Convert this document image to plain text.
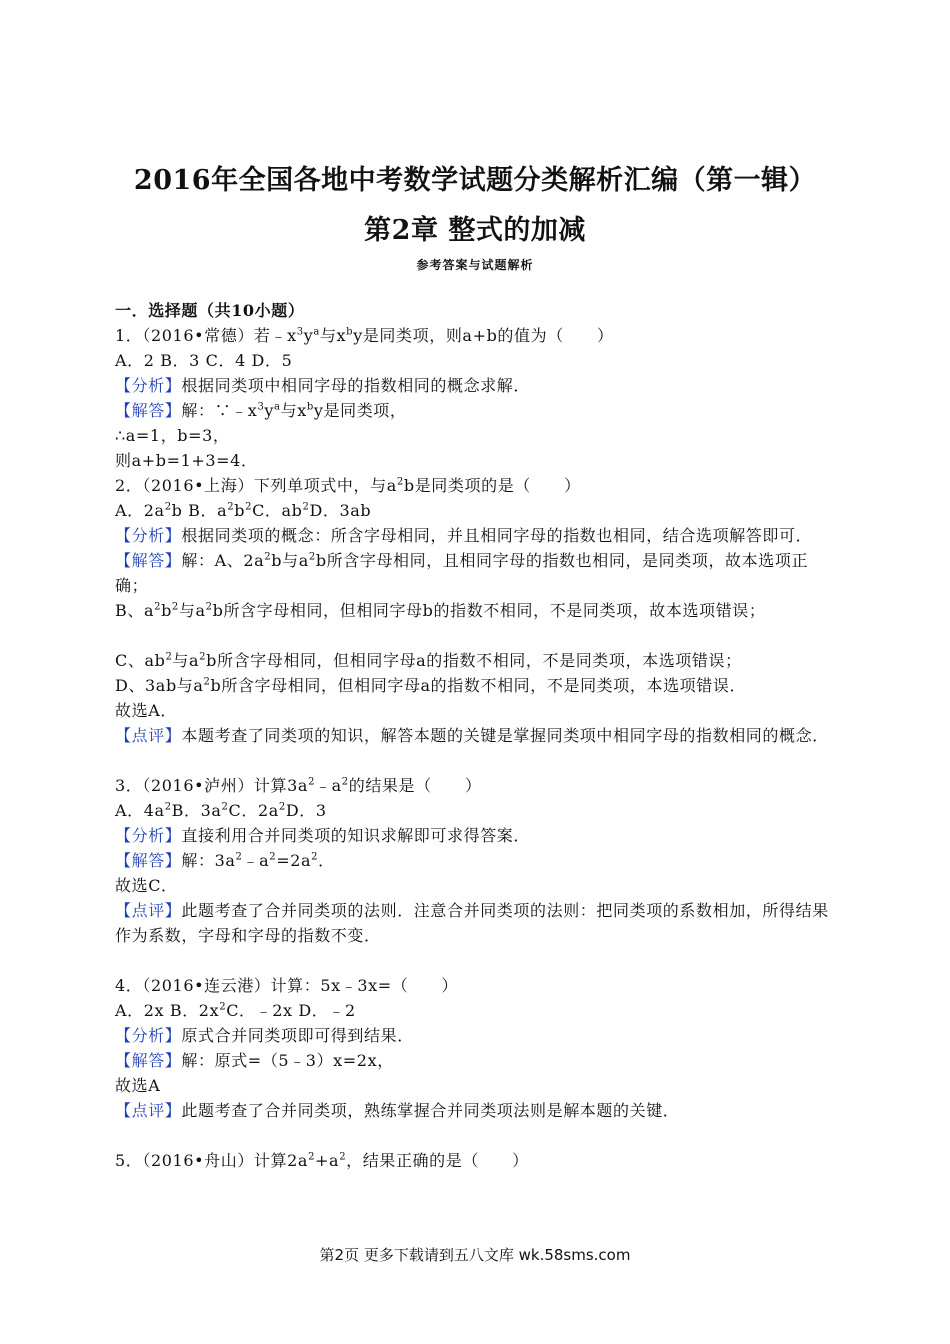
2016年全国各地中考数学试题分类解析汇编（第一辑）
第2章 整式的加减
参考答案与试题解析
一．选择题（共10小题）
1．（2016•常德）若$﹣x^3y^a$与$x^by$是同类项，则a+b的值为（　　）
A．2 B．3 C．4 D．5
【分析】根据同类项中相同字母的指数相同的概念求解．
【解答】解：$\because﹣x^3y^a$与$x^by$是同类项，
∴a=1，b=3，
则a+b=1+3=4．
2．（2016•上海）下列单项式中，与$a^2b$是同类项的是（　　）
A．$2a^2b$ B．$a^2b^2C$．$ab^2D$．3ab
【分析】根据同类项的概念：所含字母相同，并且相同字母的指数也相同，结合选项解答即可．
【解答】解：A、$2a^2b$与$a^2b$所含字母相同，且相同字母的指数也相同，是同类项，故本选项正确；
B、$a^2b^2$与$a^2b$所含字母相同，但相同字母b的指数不相同，不是同类项，故本选项错误；
C、$ab^2$与$a^2b$所含字母相同，但相同字母a的指数不相同，不是同类项，本选项错误；
D、3ab与$a^2b$所含字母相同，但相同字母a的指数不相同，不是同类项，本选项错误．
故选A．
【点评】本题考查了同类项的知识，解答本题的关键是掌握同类项中相同字母的指数相同的概念．
3．（2016•泸州）计算$3a^2﹣a^2$的结果是（　　）
A．$4a^2B$．$3a^2C$．$2a^2D$．3
【分析】直接利用合并同类项的知识求解即可求得答案．
【解答】解：$3a^2﹣a^2=2a^2$．
故选C．
【点评】此题考查了合并同类项的法则．注意合并同类项的法则：把同类项的系数相加，所得结果作为系数，字母和字母的指数不变．
4．（2016•连云港）计算：5x﹣3x=（　　）
A．2x B．$2x^2C$．﹣2x D．﹣2
【分析】原式合并同类项即可得到结果．
【解答】解：原式=（5﹣3）x=2x，
故选A
【点评】此题考查了合并同类项，熟练掌握合并同类项法则是解本题的关键．
5．（2016•舟山）计算$2a^2+a^2$，结果正确的是（　　）
第2页 更多下载请到五八文库 wk.58sms.com
